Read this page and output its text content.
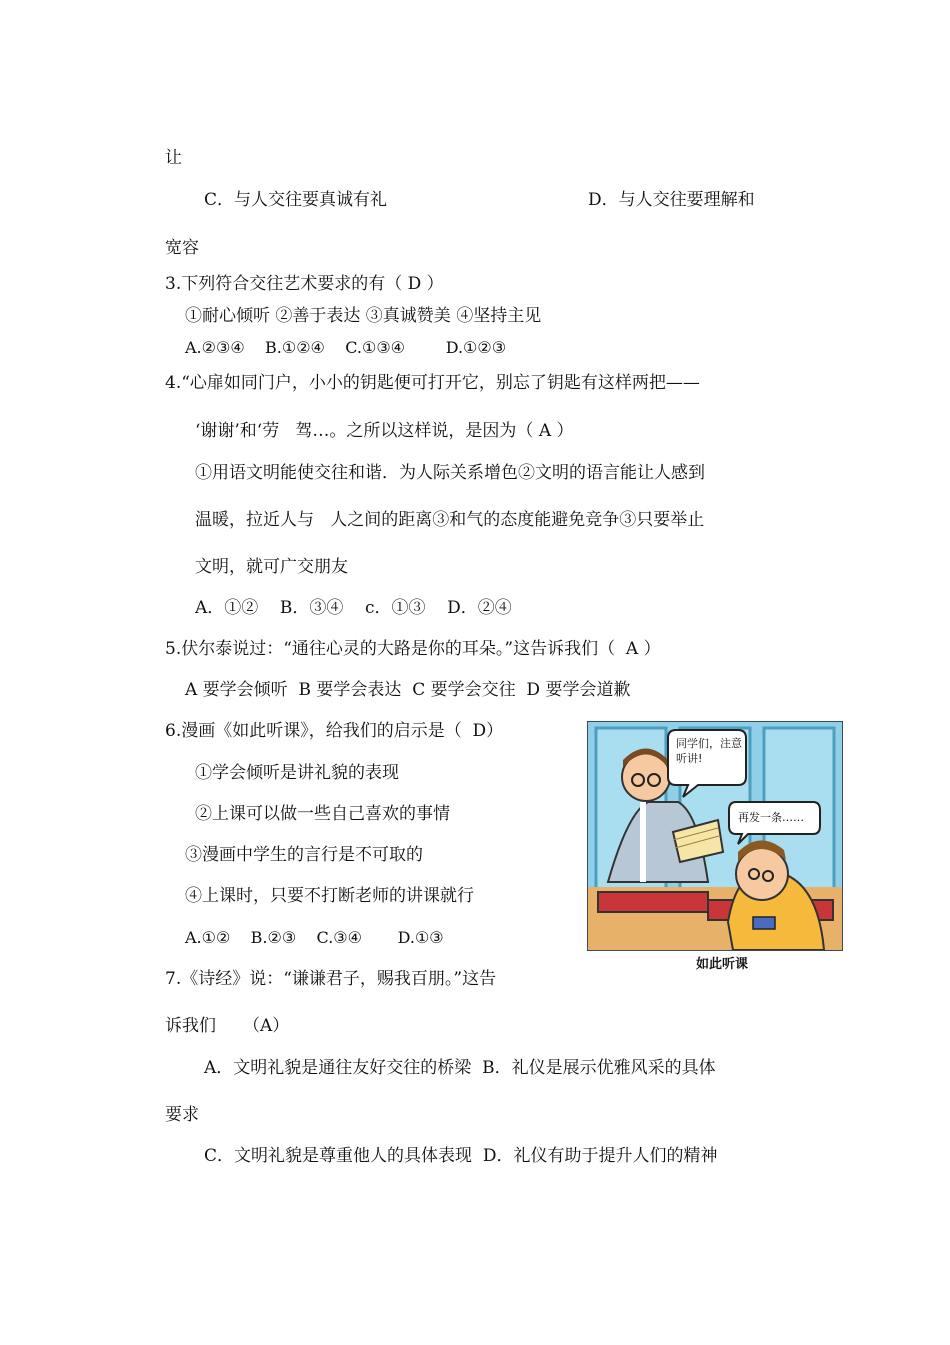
让
C．与人交往要真诚有礼	D．与人交往要理解和
宽容
3.下列符合交往艺术要求的有（ D ）
①耐心倾听 ②善于表达 ③真诚赞美 ④坚持主见
A.②③④    B.①②④    C.①③④        D.①②③
4.“心扉如同门户，小小的钥匙便可打开它，别忘了钥匙有这样两把——
‘谢谢’和‘劳   驾…。之所以这样说，是因为（ A ）
①用语文明能使交往和谐．为人际关系增色②文明的语言能让人感到
温暖，拉近人与   人之间的距离③和气的态度能避免竞争③只要举止
文明，就可广交朋友
A．①②    B．③④    c．①③    D．②④
5.伏尔泰说过：“通往心灵的大路是你的耳朵。”这告诉我们（  A ）
A 要学会倾听  B 要学会表达  C 要学会交往  D 要学会道歉
6.漫画《如此听课》，给我们的启示是（  D）
①学会倾听是讲礼貌的表现
②上课可以做一些自己喜欢的事情
③漫画中学生的言行是不可取的
④上课时，只要不打断老师的讲课就行
A.①②    B.②③    C.③④       D.①③
7.《诗经》说：“谦谦君子，赐我百朋。”这告
诉我们     （A）
A．文明礼貌是通往友好交往的桥梁  B．礼仪是展示优雅风采的具体
要求
C．文明礼貌是尊重他人的具体表现  D．礼仪有助于提升人们的精神
同学们，注意听讲!
再发一条……
如此听课
